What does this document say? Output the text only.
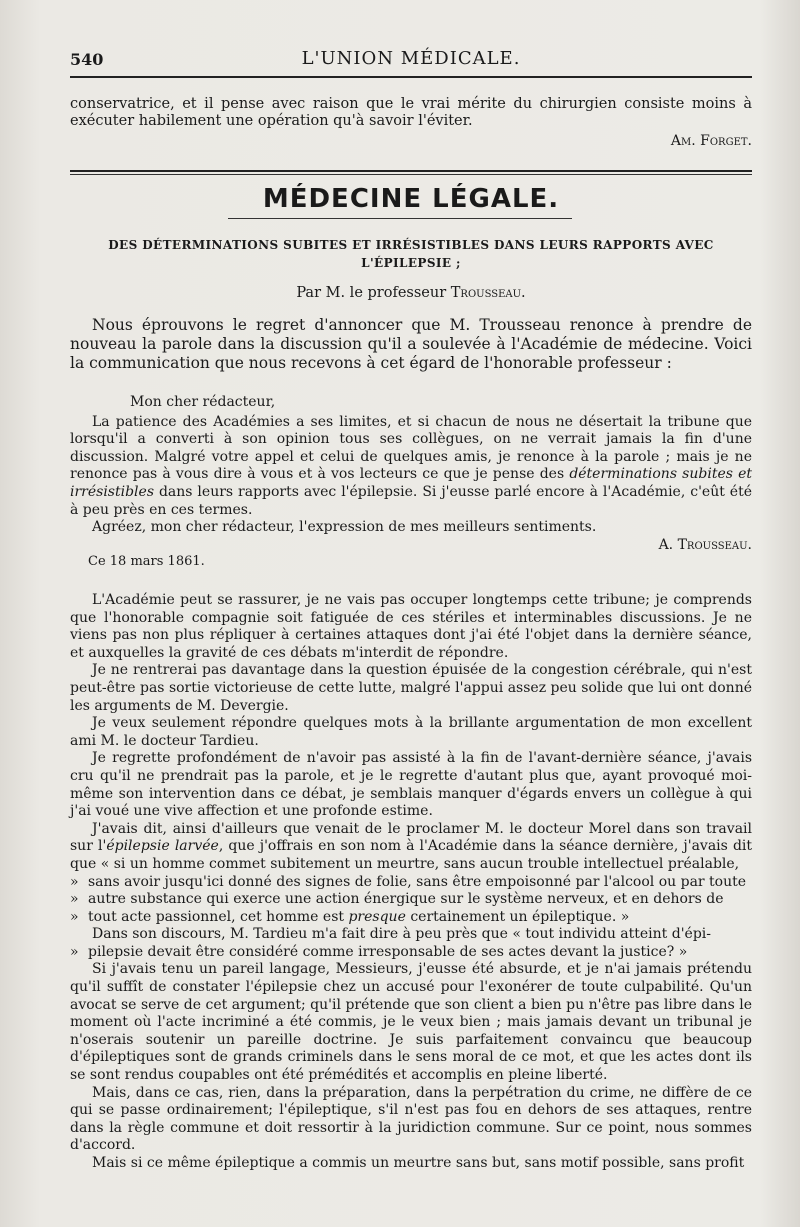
540	L'UNION MÉDICALE.

conservatrice, et il pense avec raison que le vrai mérite du chirurgien consiste moins à exécuter habilement une opération qu'à savoir l'éviter.

Am. Forget.
MÉDECINE LÉGALE.
DES DÉTERMINATIONS SUBITES ET IRRÉSISTIBLES DANS LEURS RAPPORTS AVEC L'ÉPILEPSIE ;
Par M. le professeur Trousseau.

Nous éprouvons le regret d'annoncer que M. Trousseau renonce à prendre de nouveau la parole dans la discussion qu'il a soulevée à l'Académie de médecine. Voici la communication que nous recevons à cet égard de l'honorable professeur :

Mon cher rédacteur,

La patience des Académies a ses limites, et si chacun de nous ne désertait la tribune que lorsqu'il a converti à son opinion tous ses collègues, on ne verrait jamais la fin d'une discussion. Malgré votre appel et celui de quelques amis, je renonce à la parole ; mais je ne renonce pas à vous dire à vous et à vos lecteurs ce que je pense des déterminations subites et irrésistibles dans leurs rapports avec l'épilepsie. Si j'eusse parlé encore à l'Académie, c'eût été à peu près en ces termes.

Agréez, mon cher rédacteur, l'expression de mes meilleurs sentiments.

A. Trousseau.

Ce 18 mars 1861.

L'Académie peut se rassurer, je ne vais pas occuper longtemps cette tribune; je comprends que l'honorable compagnie soit fatiguée de ces stériles et interminables discussions. Je ne viens pas non plus répliquer à certaines attaques dont j'ai été l'objet dans la dernière séance, et auxquelles la gravité de ces débats m'interdit de répondre.

Je ne rentrerai pas davantage dans la question épuisée de la congestion cérébrale, qui n'est peut-être pas sortie victorieuse de cette lutte, malgré l'appui assez peu solide que lui ont donné les arguments de M. Devergie.

Je veux seulement répondre quelques mots à la brillante argumentation de mon excellent ami M. le docteur Tardieu.

Je regrette profondément de n'avoir pas assisté à la fin de l'avant-dernière séance, j'avais cru qu'il ne prendrait pas la parole, et je le regrette d'autant plus que, ayant provoqué moi-même son intervention dans ce débat, je semblais manquer d'égards envers un collègue à qui j'ai voué une vive affection et une profonde estime.

J'avais dit, ainsi d'ailleurs que venait de le proclamer M. le docteur Morel dans son travail sur l'épilepsie larvée, que j'offrais en son nom à l'Académie dans la séance dernière, j'avais dit que « si un homme commet subitement un meurtre, sans aucun trouble intellectuel préalable,

» sans avoir jusqu'ici donné des signes de folie, sans être empoisonné par l'alcool ou par toute

» autre substance qui exerce une action énergique sur le système nerveux, et en dehors de

» tout acte passionnel, cet homme est presque certainement un épileptique. »

Dans son discours, M. Tardieu m'a fait dire à peu près que « tout individu atteint d'épi-

» pilepsie devait être considéré comme irresponsable de ses actes devant la justice? »

Si j'avais tenu un pareil langage, Messieurs, j'eusse été absurde, et je n'ai jamais prétendu qu'il suffît de constater l'épilepsie chez un accusé pour l'exonérer de toute culpabilité. Qu'un avocat se serve de cet argument; qu'il prétende que son client a bien pu n'être pas libre dans le moment où l'acte incriminé a été commis, je le veux bien ; mais jamais devant un tribunal je n'oserais soutenir un pareille doctrine. Je suis parfaitement convaincu que beaucoup d'épileptiques sont de grands criminels dans le sens moral de ce mot, et que les actes dont ils se sont rendus coupables ont été prémédités et accomplis en pleine liberté.

Mais, dans ce cas, rien, dans la préparation, dans la perpétration du crime, ne diffère de ce qui se passe ordinairement; l'épileptique, s'il n'est pas fou en dehors de ses attaques, rentre dans la règle commune et doit ressortir à la juridiction commune. Sur ce point, nous sommes d'accord.

Mais si ce même épileptique a commis un meurtre sans but, sans motif possible, sans profit
